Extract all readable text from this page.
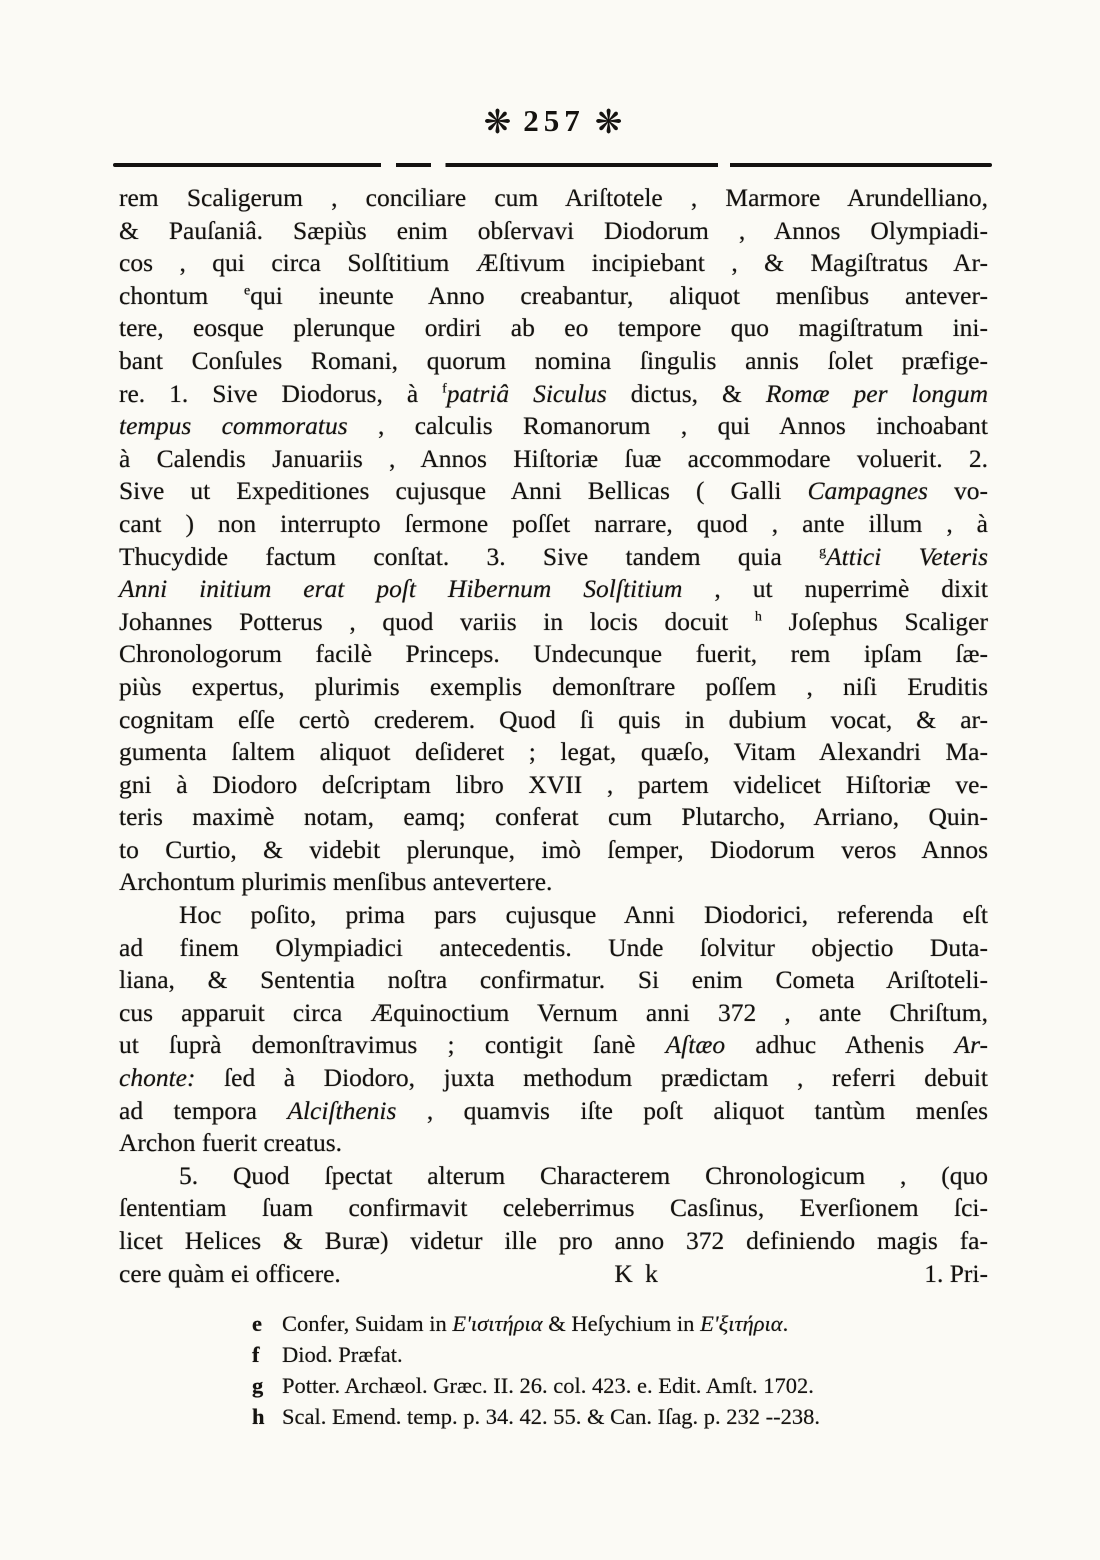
❋ 257 ❋
rem Scaligerum , conciliare cum Ariſtotele , Marmore Arundelliano,
& Pauſaniâ. Sæpiùs enim obſervavi Diodorum , Annos Olympiadi-
cos , qui circa Solſtitium Æſtivum incipiebant , & Magiſtratus Ar-
chontum $^e$qui ineunte Anno creabantur, aliquot menſibus antever-
tere, eosque plerunque ordiri ab eo tempore quo magiſtratum ini-
bant Conſules Romani, quorum nomina ſingulis annis ſolet præfige-
re. 1. Sive Diodorus, à $^f$patriâ Siculus dictus, & Romæ per longum
tempus commoratus , calculis Romanorum , qui Annos inchoabant
à Calendis Januariis , Annos Hiſtoriæ ſuæ accommodare voluerit. 2.
Sive ut Expeditiones cujusque Anni Bellicas ( Galli Campagnes vo-
cant ) non interrupto ſermone poſſet narrare, quod , ante illum , à
Thucydide factum conſtat. 3. Sive tandem quia $^g$Attici Veteris
Anni initium erat poſt Hibernum Solſtitium , ut nuperrimè dixit
Johannes Potterus , quod variis in locis docuit $^h$ Joſephus Scaliger
Chronologorum facilè Princeps. Undecunque fuerit, rem ipſam ſæ-
piùs expertus, plurimis exemplis demonſtrare poſſem , niſi Eruditis
cognitam eſſe certò crederem. Quod ſi quis in dubium vocat, & ar-
gumenta ſaltem aliquot deſideret ; legat, quæſo, Vitam Alexandri Ma-
gni à Diodoro deſcriptam libro XVII , partem videlicet Hiſtoriæ ve-
teris maximè notam, eamq; conferat cum Plutarcho, Arriano, Quin-
to Curtio, & videbit plerunque, imò ſemper, Diodorum veros Annos
Archontum plurimis menſibus antevertere.
Hoc poſito, prima pars cujusque Anni Diodorici, referenda eſt
ad finem Olympiadici antecedentis. Unde ſolvitur objectio Duta-
liana, & Sententia noſtra confirmatur. Si enim Cometa Ariſtoteli-
cus apparuit circa Æquinoctium Vernum anni 372 , ante Chriſtum,
ut ſuprà demonſtravimus ; contigit ſanè Aſtæo adhuc Athenis Ar-
chonte: ſed à Diodoro, juxta methodum prædictam , referri debuit
ad tempora Alciſthenis , quamvis iſte poſt aliquot tantùm menſes
Archon fuerit creatus.
5. Quod ſpectat alterum Characterem Chronologicum , (quo
ſententiam ſuam confirmavit celeberrimus Casſinus, Everſionem ſci-
licet Helices & Buræ) videtur ille pro anno 372 definiendo magis fa-
cere quàm ei officere.	K k	1. Pri-
e Confer, Suidam in Ε'ισιτήρια & Heſychium in Ε'ξιτήρια.
f Diod. Præfat.
g Potter. Archæol. Græc. II. 26. col. 423. e. Edit. Amſt. 1702.
h Scal. Emend. temp. p. 34. 42. 55. & Can. Iſag. p. 232 --238.
